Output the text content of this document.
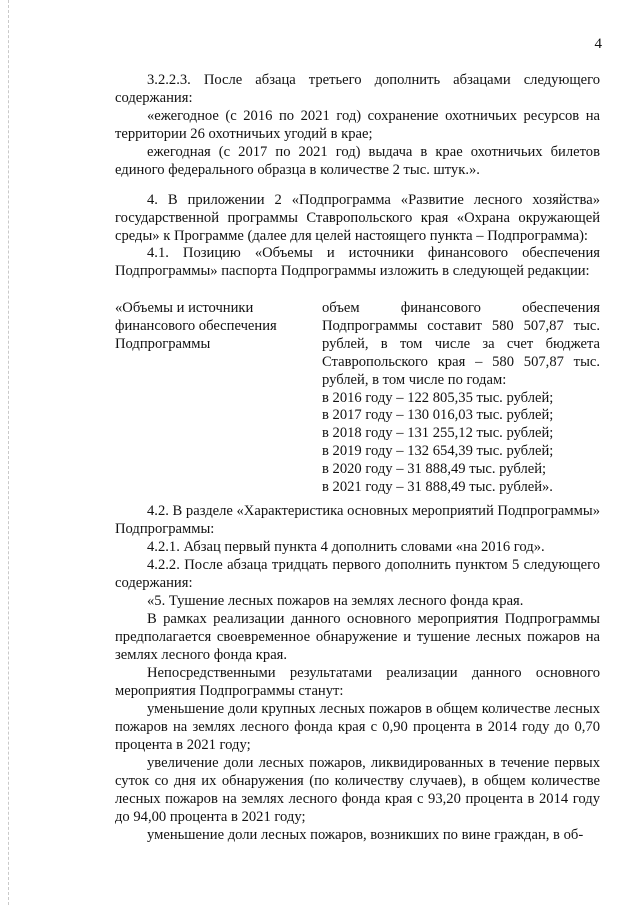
4

3.2.2.3. После абзаца третьего дополнить абзацами следующего содержания:

«ежегодное (с 2016 по 2021 год) сохранение охотничьих ресурсов на территории 26 охотничьих угодий в крае;

ежегодная (с 2017 по 2021 год) выдача в крае охотничьих билетов единого федерального образца в количестве 2 тыс. штук.».

4. В приложении 2 «Подпрограмма «Развитие лесного хозяйства» государственной программы Ставропольского края «Охрана окружающей среды» к Программе (далее для целей настоящего пункта – Подпрограмма):

4.1. Позицию «Объемы и источники финансового обеспечения Подпрограммы» паспорта Подпрограммы изложить в следующей редакции:

«Объемы и источники финансового обеспечения Подпрограммы
объем финансового обеспечения Подпрограммы составит 580 507,87 тыс. рублей, в том числе за счет бюджета Ставропольского края – 580 507,87 тыс. рублей, в том числе по годам:
в 2016 году – 122 805,35 тыс. рублей;
в 2017 году – 130 016,03 тыс. рублей;
в 2018 году – 131 255,12 тыс. рублей;
в 2019 году – 132 654,39 тыс. рублей;
в 2020 году – 31 888,49 тыс. рублей;
в 2021 году – 31 888,49 тыс. рублей».

4.2. В разделе «Характеристика основных мероприятий Подпрограммы» Подпрограммы:

4.2.1. Абзац первый пункта 4 дополнить словами «на 2016 год».

4.2.2. После абзаца тридцать первого дополнить пунктом 5 следующего содержания:

«5. Тушение лесных пожаров на землях лесного фонда края.

В рамках реализации данного основного мероприятия Подпрограммы предполагается своевременное обнаружение и тушение лесных пожаров на землях лесного фонда края.

Непосредственными результатами реализации данного основного мероприятия Подпрограммы станут:

уменьшение доли крупных лесных пожаров в общем количестве лесных пожаров на землях лесного фонда края с 0,90 процента в 2014 году до 0,70 процента в 2021 году;

увеличение доли лесных пожаров, ликвидированных в течение первых суток со дня их обнаружения (по количеству случаев), в общем количестве лесных пожаров на землях лесного фонда края с 93,20 процента в 2014 году до 94,00 процента в 2021 году;

уменьшение доли лесных пожаров, возникших по вине граждан, в об-
